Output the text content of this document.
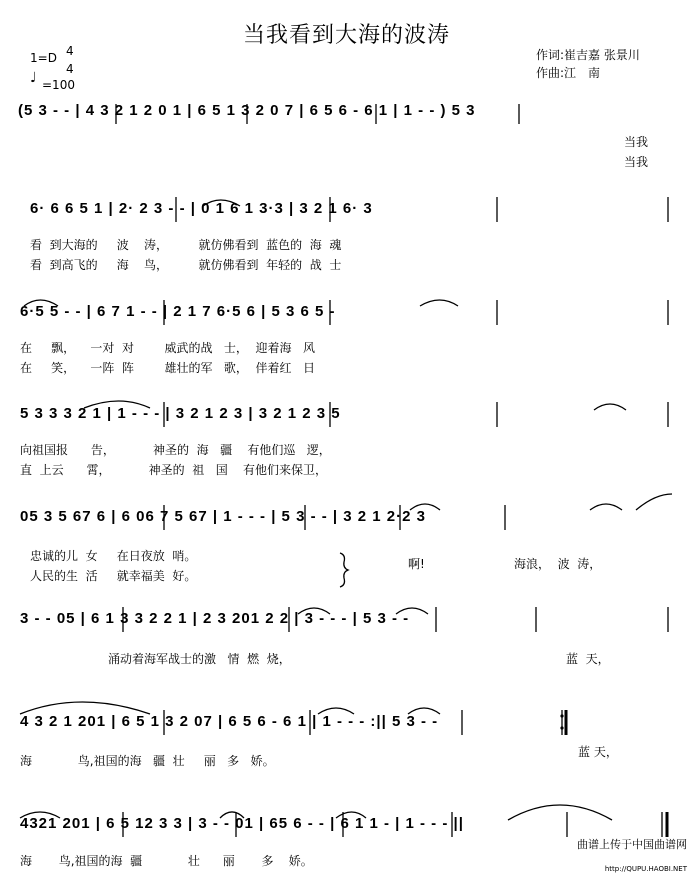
当我看到大海的波涛
1=D 4
4
♩ =100
作词:崔吉嘉 张景川
作曲:江　南
(5 3 - - | 4 3 2 1 2 0 1 | 6 5 1 3 2 0 7 | 6 5 6 - 6 1 | 1 - - ) 5 3
当我
当我
6· 6 6 5 1 | 2· 2 3 - - | 0 1 6 1 3·3 | 3 2 1 6· 3
看  到大海的     波    涛，        就仿佛看到  蓝色的  海  魂
看  到高飞的     海    鸟，        就仿佛看到  年轻的  战  士
6·5 5 - - | 6 7 1 - - | 2 1 7 6·5 6 | 5 3 6 5 -
在     飘，    一对  对        威武的战   士，  迎着海   风
在     笑，    一阵  阵        雄壮的军   歌，  伴着红   日
5 3 3 3 2 1 | 1 - - - | 3 2 1 2 3 | 3 2 1 2 3 5
向祖国报      告，          神圣的  海   疆    有他们巡   逻，
直  上云      霄，          神圣的  祖   国    有他们来保卫，
05 3 5 67 6 | 6 06 7 5 67 | 1 - - - | 5 3 - - | 3 2 1 2·2 3
忠诚的儿  女     在日夜放  哨。
人民的生  活     就幸福美  好。
啊!	海浪，  波  涛，
3 - - 05 | 6 1 3 3 2 2 1 | 2 3 201 2 2 | 3 - - - | 5 3 - -
涌动着海军战士的激   情  燃  烧，	蓝  天，
4 3 2 1 201 | 6 5 1 3 2 07 | 6 5 6 - 6 1 | 1 - - - :|| 5 3 - -
海            鸟,祖国的海   疆  壮     丽   多   娇。
蓝 天，
4321 201 | 6 5 12 3 3 | 3 - - 01 | 65 6 - - | 6 1 1 - | 1 - - - ||
海       鸟,祖国的海  疆            壮      丽       多    娇。

曲谱上传于中国曲谱网

http://QUPU.HAOBI.NET
